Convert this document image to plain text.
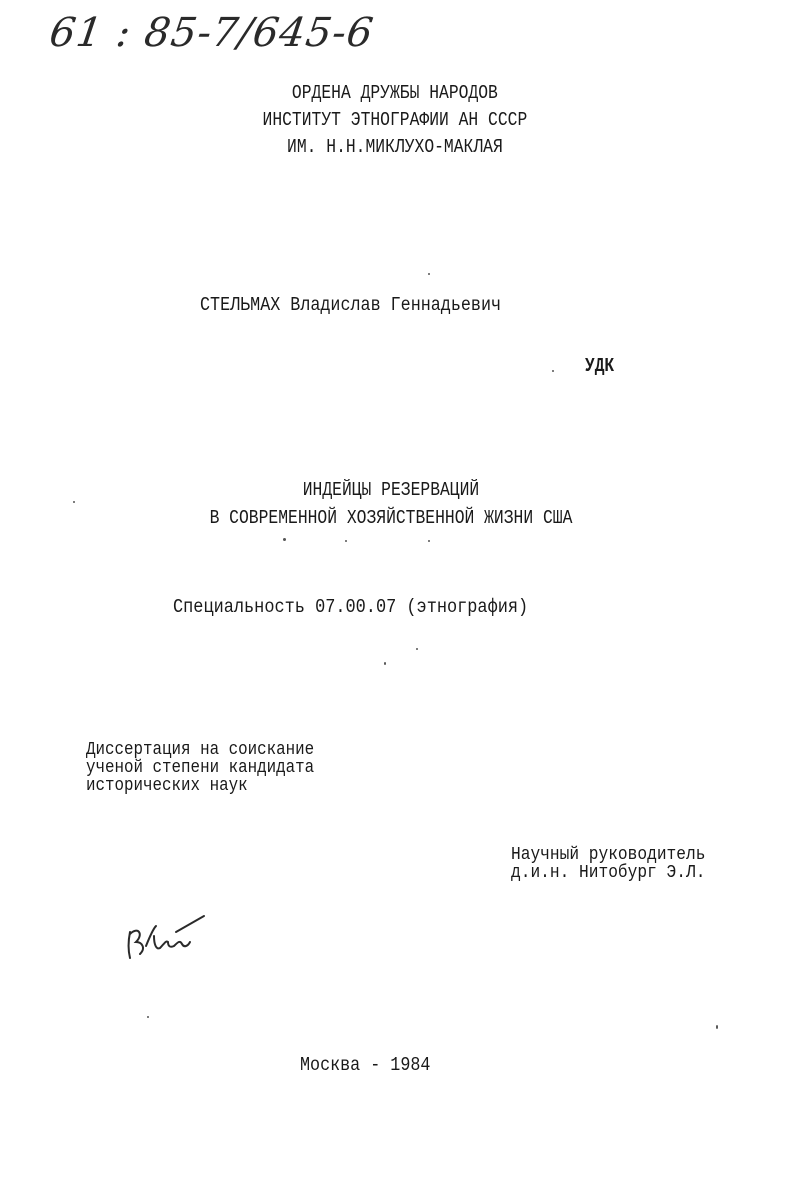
61 : 85-7/645-6
ОРДЕНА ДРУЖБЫ НАРОДОВ
ИНСТИТУТ ЭТНОГРАФИИ АН СССР
ИМ. Н.Н.МИКЛУХО-МАКЛАЯ
СТЕЛЬМАХ Владислав Геннадьевич
УДК
ИНДЕЙЦЫ РЕЗЕРВАЦИЙ
В СОВРЕМЕННОЙ ХОЗЯЙСТВЕННОЙ ЖИЗНИ США
Специальность 07.00.07 (этнография)
Диссертация на соискание
ученой степени кандидата
исторических наук
Научный руководитель
д.и.н. Нитобург Э.Л.
Москва - 1984
